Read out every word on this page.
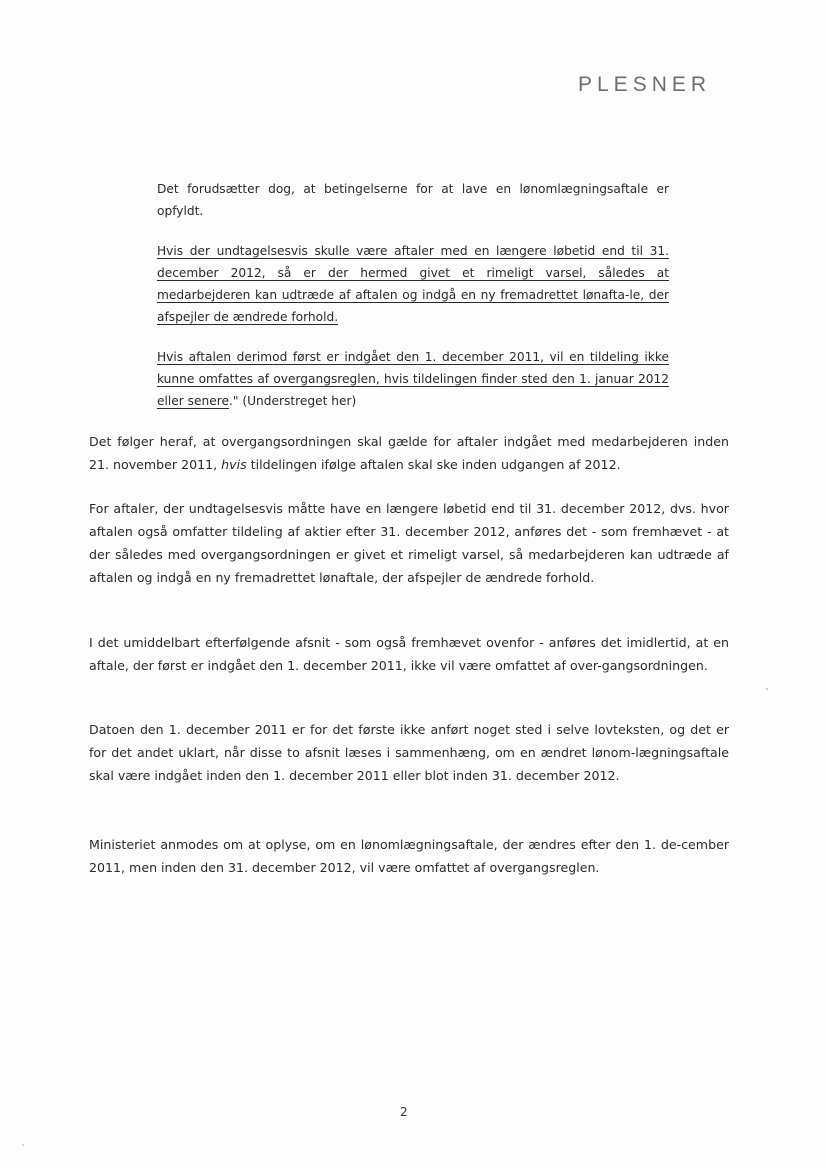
PLESNER

Det forudsætter dog, at betingelserne for at lave en lønomlægningsaftale er opfyldt.

Hvis der undtagelsesvis skulle være aftaler med en længere løbetid end til 31. december 2012, så er der hermed givet et rimeligt varsel, således at medarbejderen kan udtræde af aftalen og indgå en ny fremadrettet lønafta-le, der afspejler de ændrede forhold.

Hvis aftalen derimod først er indgået den 1. december 2011, vil en tildeling ikke kunne omfattes af overgangsreglen, hvis tildelingen finder sted den 1. januar 2012 eller senere." (Understreget her)

Det følger heraf, at overgangsordningen skal gælde for aftaler indgået med medarbejderen inden 21. november 2011, hvis tildelingen ifølge aftalen skal ske inden udgangen af 2012.

For aftaler, der undtagelsesvis måtte have en længere løbetid end til 31. december 2012, dvs. hvor aftalen også omfatter tildeling af aktier efter 31. december 2012, anføres det - som fremhævet - at der således med overgangsordningen er givet et rimeligt varsel, så medarbejderen kan udtræde af aftalen og indgå en ny fremadrettet lønaftale, der afspejler de ændrede forhold.

I det umiddelbart efterfølgende afsnit - som også fremhævet ovenfor - anføres det imidlertid, at en aftale, der først er indgået den 1. december 2011, ikke vil være omfattet af over-gangsordningen.

Datoen den 1. december 2011 er for det første ikke anført noget sted i selve lovteksten, og det er for det andet uklart, når disse to afsnit læses i sammenhæng, om en ændret lønom-lægningsaftale skal være indgået inden den 1. december 2011 eller blot inden 31. december 2012.

Ministeriet anmodes om at oplyse, om en lønomlægningsaftale, der ændres efter den 1. de-cember 2011, men inden den 31. december 2012, vil være omfattet af overgangsreglen.

2
